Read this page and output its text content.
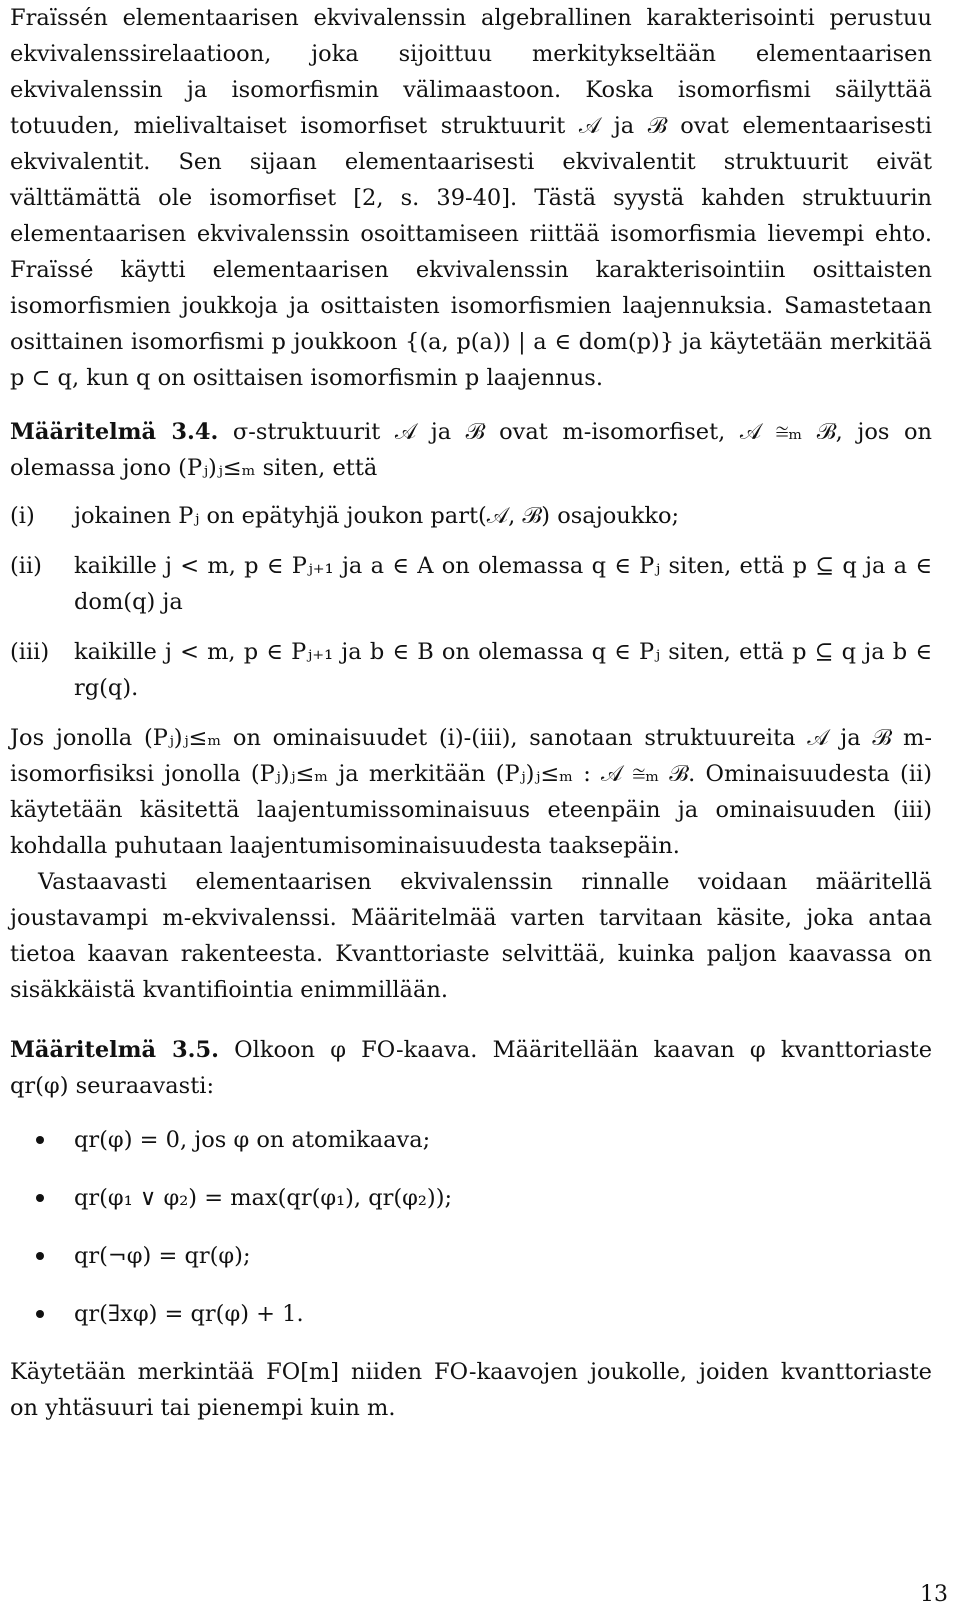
Fraïssén elementaarisen ekvivalenssin algebrallinen karakterisointi perustuu ekvivalenssirelaatioon, joka sijoittuu merkitykseltään elementaarisen ekvivalenssin ja isomorfismin välimaastoon. Koska isomorfismi säilyttää totuuden, mielivaltaiset isomorfiset struktuurit 𝒜 ja ℬ ovat elementaarisesti ekvivalentit. Sen sijaan elementaarisesti ekvivalentit struktuurit eivät välttämättä ole isomorfiset [2, s. 39-40]. Tästä syystä kahden struktuurin elementaarisen ekvivalenssin osoittamiseen riittää isomorfismia lievempi ehto. Fraïssé käytti elementaarisen ekvivalenssin karakterisointiin osittaisten isomorfismien joukkoja ja osittaisten isomorfismien laajennuksia. Samastetaan osittainen isomorfismi p joukkoon {(a, p(a)) | a ∈ dom(p)} ja käytetään merkitää p ⊂ q, kun q on osittaisen isomorfismin p laajennus.

Määritelmä 3.4. σ-struktuurit 𝒜 ja ℬ ovat m-isomorfiset, 𝒜 ≅ₘ ℬ, jos on olemassa jono (Pⱼ)ⱼ≤ₘ siten, että

(i)	jokainen Pⱼ on epätyhjä joukon part(𝒜, ℬ) osajoukko;
(ii)	kaikille j < m, p ∈ Pⱼ₊₁ ja a ∈ A on olemassa q ∈ Pⱼ siten, että p ⊆ q ja a ∈ dom(q) ja
(iii)	kaikille j < m, p ∈ Pⱼ₊₁ ja b ∈ B on olemassa q ∈ Pⱼ siten, että p ⊆ q ja b ∈ rg(q).

Jos jonolla (Pⱼ)ⱼ≤ₘ on ominaisuudet (i)-(iii), sanotaan struktuureita 𝒜 ja ℬ m-isomorfisiksi jonolla (Pⱼ)ⱼ≤ₘ ja merkitään (Pⱼ)ⱼ≤ₘ : 𝒜 ≅ₘ ℬ. Ominaisuudesta (ii) käytetään käsitettä laajentumissominaisuus eteenpäin ja ominaisuuden (iii) kohdalla puhutaan laajentumisominaisuudesta taaksepäin.

Vastaavasti elementaarisen ekvivalenssin rinnalle voidaan määritellä joustavampi m-ekvivalenssi. Määritelmää varten tarvitaan käsite, joka antaa tietoa kaavan rakenteesta. Kvanttoriaste selvittää, kuinka paljon kaavassa on sisäkkäistä kvantifiointia enimmillään.

Määritelmä 3.5. Olkoon φ FO-kaava. Määritellään kaavan φ kvanttoriaste qr(φ) seuraavasti:

qr(φ) = 0, jos φ on atomikaava;
qr(φ₁ ∨ φ₂) = max(qr(φ₁), qr(φ₂));
qr(¬φ) = qr(φ);
qr(∃xφ) = qr(φ) + 1.

Käytetään merkintää FO[m] niiden FO-kaavojen joukolle, joiden kvanttoriaste on yhtäsuuri tai pienempi kuin m.

13
